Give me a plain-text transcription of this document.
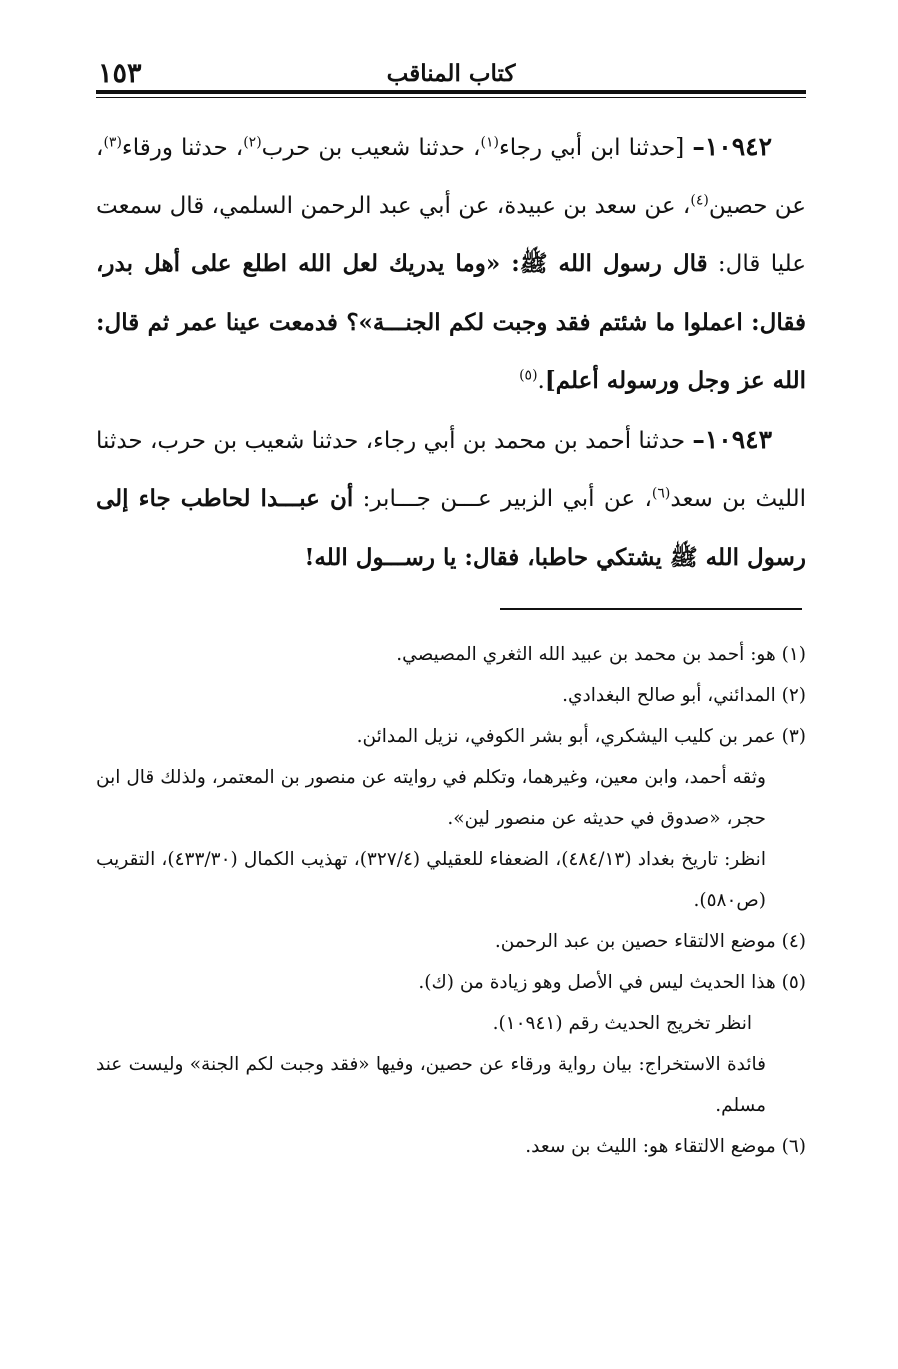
١٥٣	كتاب المناقب

١٠٩٤٢– [حدثنا ابن أبي رجاء$^{(١)}$، حدثنا شعيب بن حرب$^{(٢)}$، حدثنا ورقاء$^{(٣)}$، عن حصين$^{(٤)}$، عن سعد بن عبيدة، عن أبي عبد الرحمن السلمي، قال سمعت عليا قال: قال رسول الله ﷺ: «وما يدريك لعل الله اطلع على أهل بدر، فقال: اعملوا ما شئتم فقد وجبت لكم الجنـــة»؟ فدمعت عينا عمر ثم قال: الله عز وجل ورسوله أعلم].$^{(٥)}$

١٠٩٤٣– حدثنا أحمد بن محمد بن أبي رجاء، حدثنا شعيب بن حرب، حدثنا الليث بن سعد$^{(٦)}$، عن أبي الزبير عـــن جـــابر: أن عبـــدا لحاطب جاء إلى رسول الله ﷺ يشتكي حاطبا، فقال: يا رســـول الله!

(١) هو: أحمد بن محمد بن عبيد الله الثغري المصيصي.

(٢) المدائني، أبو صالح البغدادي.

(٣) عمر بن كليب اليشكري، أبو بشر الكوفي، نزيل المدائن.

وثقه أحمد، وابن معين، وغيرهما، وتكلم في روايته عن منصور بن المعتمر، ولذلك قال ابن حجر، «صدوق في حديثه عن منصور لين».

انظر: تاريخ بغداد (٤٨٤/١٣)، الضعفاء للعقيلي (٣٢٧/٤)، تهذيب الكمال (٤٣٣/٣٠)، التقريب (ص٥٨٠).

(٤) موضع الالتقاء حصين بن عبد الرحمن.

(٥) هذا الحديث ليس في الأصل وهو زيادة من (ك).

انظر تخريج الحديث رقم (١٠٩٤١).

فائدة الاستخراج: بيان رواية ورقاء عن حصين، وفيها «فقد وجبت لكم الجنة» وليست عند مسلم.

(٦) موضع الالتقاء هو: الليث بن سعد.
